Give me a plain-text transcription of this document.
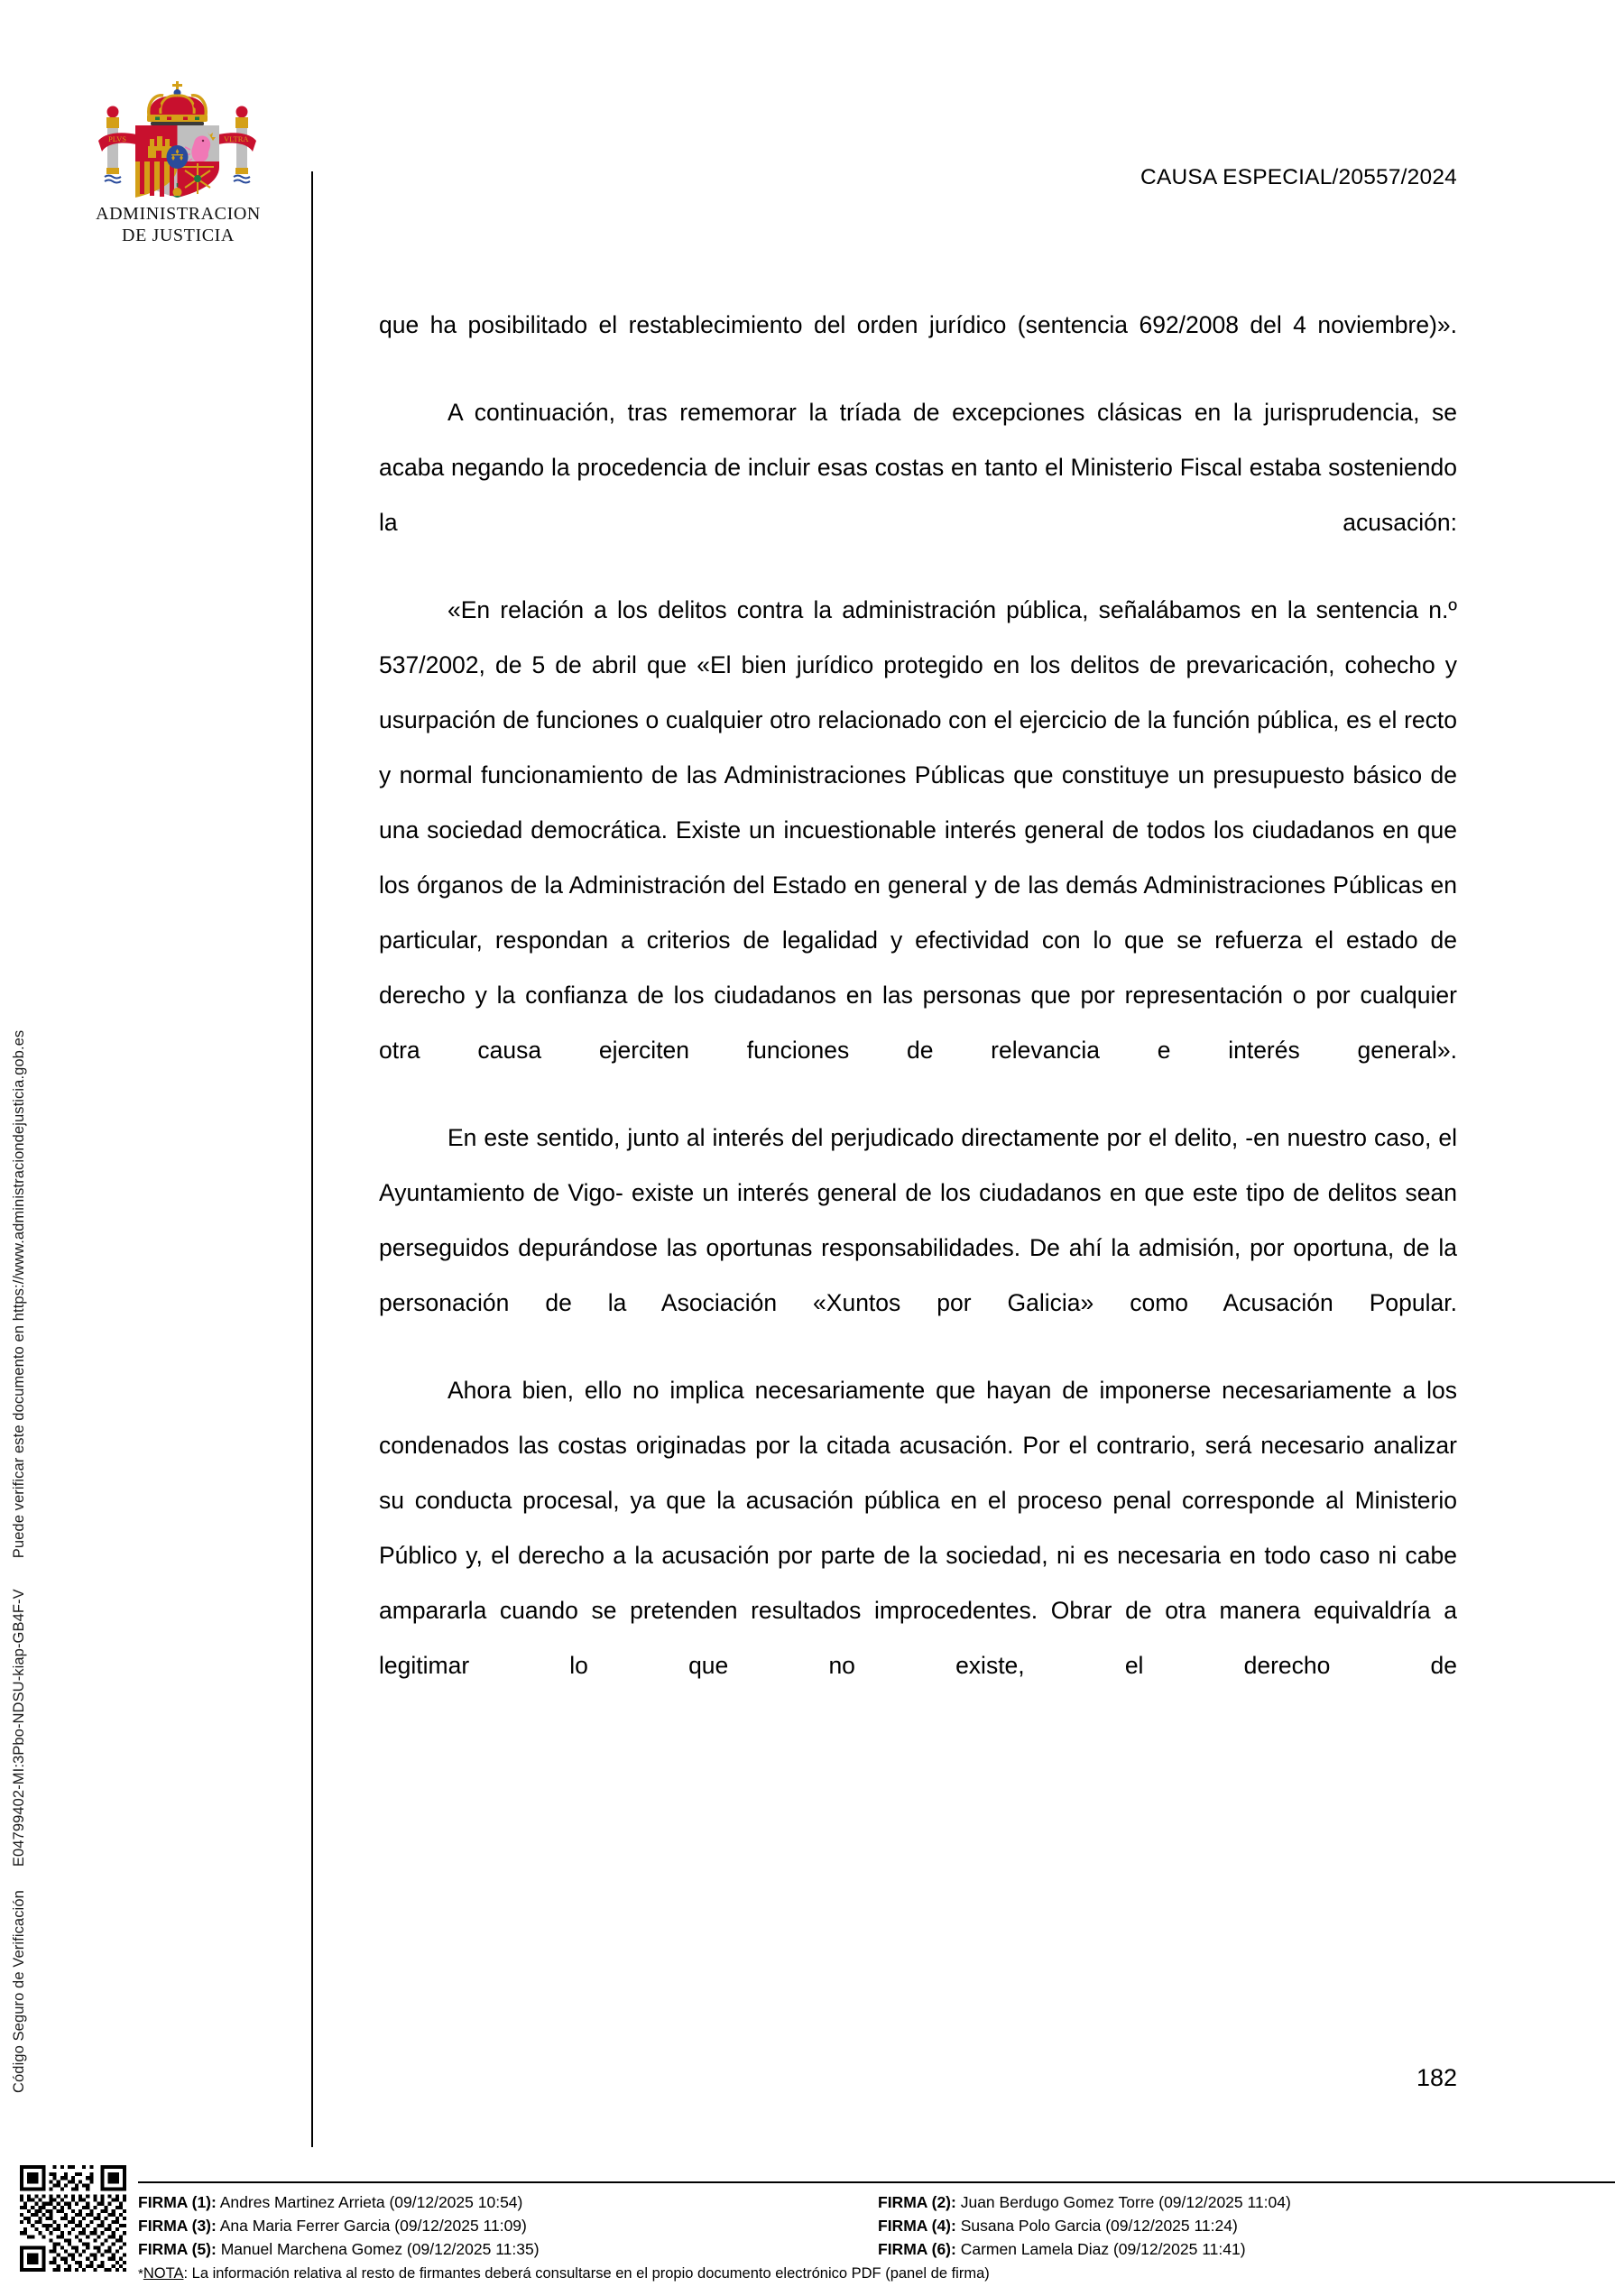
Código Seguro de VerificaciónE04799402-MI:3Pbo-NDSU-kiap-GB4F-VPuede verificar este documento en https://www.administraciondejusticia.gob.es
PLVS	VLTRA
ADMINISTRACION
DE JUSTICIA
CAUSA ESPECIAL/20557/2024

que ha posibilitado el restablecimiento del orden jurídico (sentencia 692/2008 del 4 noviembre)».

A continuación, tras rememorar la tríada de excepciones clásicas en la jurisprudencia, se acaba negando la procedencia de incluir esas costas en tanto el Ministerio Fiscal estaba sosteniendo la acusación:

«En relación a los delitos contra la administración pública, señalábamos en la sentencia n.º 537/2002, de 5 de abril que «El bien jurídico protegido en los delitos de prevaricación, cohecho y usurpación de funciones o cualquier otro relacionado con el ejercicio de la función pública, es el recto y normal funcionamiento de las Administraciones Públicas que constituye un presupuesto básico de una sociedad democrática. Existe un incuestionable interés general de todos los ciudadanos en que los órganos de la Administración del Estado en general y de las demás Administraciones Públicas en particular, respondan a criterios de legalidad y efectividad con lo que se refuerza el estado de derecho y la confianza de los ciudadanos en las personas que por representación o por cualquier otra causa ejerciten funciones de relevancia e interés general».

En este sentido, junto al interés del perjudicado directamente por el delito, -en nuestro caso, el Ayuntamiento de Vigo- existe un interés general de los ciudadanos en que este tipo de delitos sean perseguidos depurándose las oportunas responsabilidades. De ahí la admisión, por oportuna, de la personación de la Asociación «Xuntos por Galicia» como Acusación Popular.

Ahora bien, ello no implica necesariamente que hayan de imponerse necesariamente a los condenados las costas originadas por la citada acusación. Por el contrario, será necesario analizar su conducta procesal, ya que la acusación pública en el proceso penal corresponde al Ministerio Público y, el derecho a la acusación por parte de la sociedad, ni es necesaria en todo caso ni cabe ampararla cuando se pretenden resultados improcedentes. Obrar de otra manera equivaldría a legitimar lo que no existe, el derecho de

182
FIRMA (1): Andres Martinez Arrieta (09/12/2025 10:54)	FIRMA (2): Juan Berdugo Gomez Torre (09/12/2025 11:04)
FIRMA (3): Ana Maria Ferrer Garcia (09/12/2025 11:09)	FIRMA (4): Susana Polo Garcia (09/12/2025 11:24)
FIRMA (5): Manuel Marchena Gomez (09/12/2025 11:35)	FIRMA (6): Carmen Lamela Diaz (09/12/2025 11:41)
*NOTA: La información relativa al resto de firmantes deberá consultarse en el propio documento electrónico PDF (panel de firma)
